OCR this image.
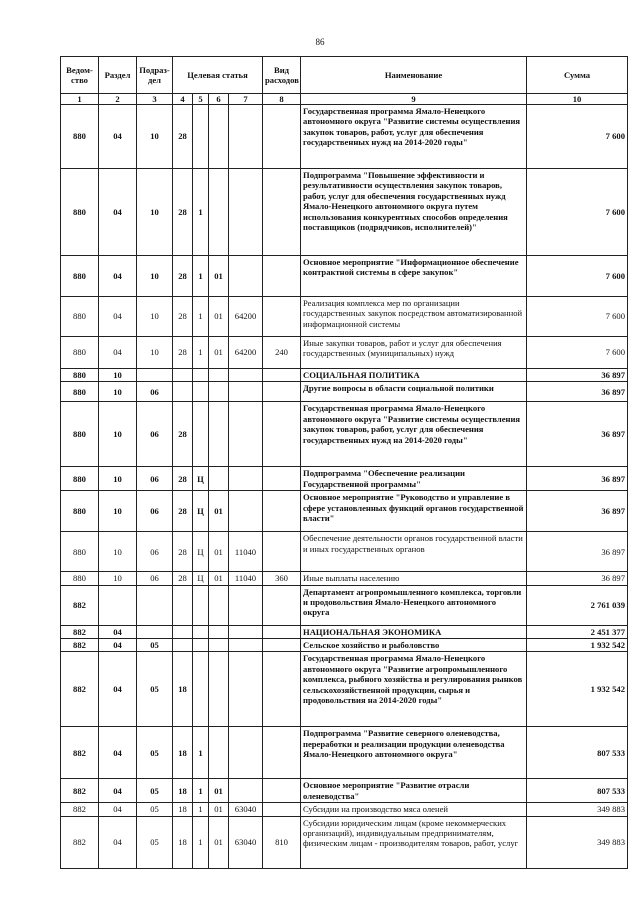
86
Ведом-ство	Раздел	Подраз-дел	Целевая статья				Вид расходов	Наименование	Сумма
1	2	3	4	5	6	7	8	9	10
880	04	10	28					Государственная программа Ямало-Ненецкого автономного округа "Развитие системы осуществления закупок товаров, работ, услуг для обеспечения государственных нужд на 2014-2020 годы"	7 600
880	04	10	28	1				Подпрограмма "Повышение эффективности и результативности осуществления закупок товаров, работ, услуг для обеспечения государственных нужд Ямало-Ненецкого автономного округа путем использования конкурентных способов определения поставщиков (подрядчиков, исполнителей)"	7 600
880	04	10	28	1	01			Основное мероприятие "Информационное обеспечение контрактной системы в сфере закупок"	7 600
880	04	10	28	1	01	64200		Реализация комплекса мер по организации государственных закупок посредством автоматизированной информационной системы	7 600
880	04	10	28	1	01	64200	240	Иные закупки товаров, работ и услуг для обеспечения государственных (муниципальных) нужд	7 600
880	10							СОЦИАЛЬНАЯ ПОЛИТИКА	36 897
880	10	06						Другие вопросы в области социальной политики	36 897
880	10	06	28					Государственная программа Ямало-Ненецкого автономного округа "Развитие системы осуществления закупок товаров, работ, услуг для обеспечения государственных нужд на 2014-2020 годы"	36 897
880	10	06	28	Ц				Подпрограмма "Обеспечение реализации Государственной программы"	36 897
880	10	06	28	Ц	01			Основное мероприятие "Руководство и управление в сфере установленных функций органов государственной власти"	36 897
880	10	06	28	Ц	01	11040		Обеспечение деятельности органов государственной власти и иных государственных органов	36 897
880	10	06	28	Ц	01	11040	360	Иные выплаты населению	36 897
882								Департамент агропромышленного комплекса, торговли и продовольствия Ямало-Ненецкого автономного округа	2 761 039
882	04							НАЦИОНАЛЬНАЯ ЭКОНОМИКА	2 451 377
882	04	05						Сельское хозяйство и рыболовство	1 932 542
882	04	05	18					Государственная программа Ямало-Ненецкого автономного округа "Развитие агропромышленного комплекса, рыбного хозяйства и регулирования рынков сельскохозяйственной продукции, сырья и продовольствия на 2014-2020 годы"	1 932 542
882	04	05	18	1				Подпрограмма "Развитие северного оленеводства, переработки и реализации продукции оленеводства Ямало-Ненецкого автономного округа"	807 533
882	04	05	18	1	01			Основное мероприятие "Развитие отрасли оленеводства"	807 533
882	04	05	18	1	01	63040		Субсидии на производство мяса оленей	349 883
882	04	05	18	1	01	63040	810	Субсидии юридическим лицам (кроме некоммерческих организаций), индивидуальным предпринимателям, физическим лицам - производителям товаров, работ, услуг	349 883
